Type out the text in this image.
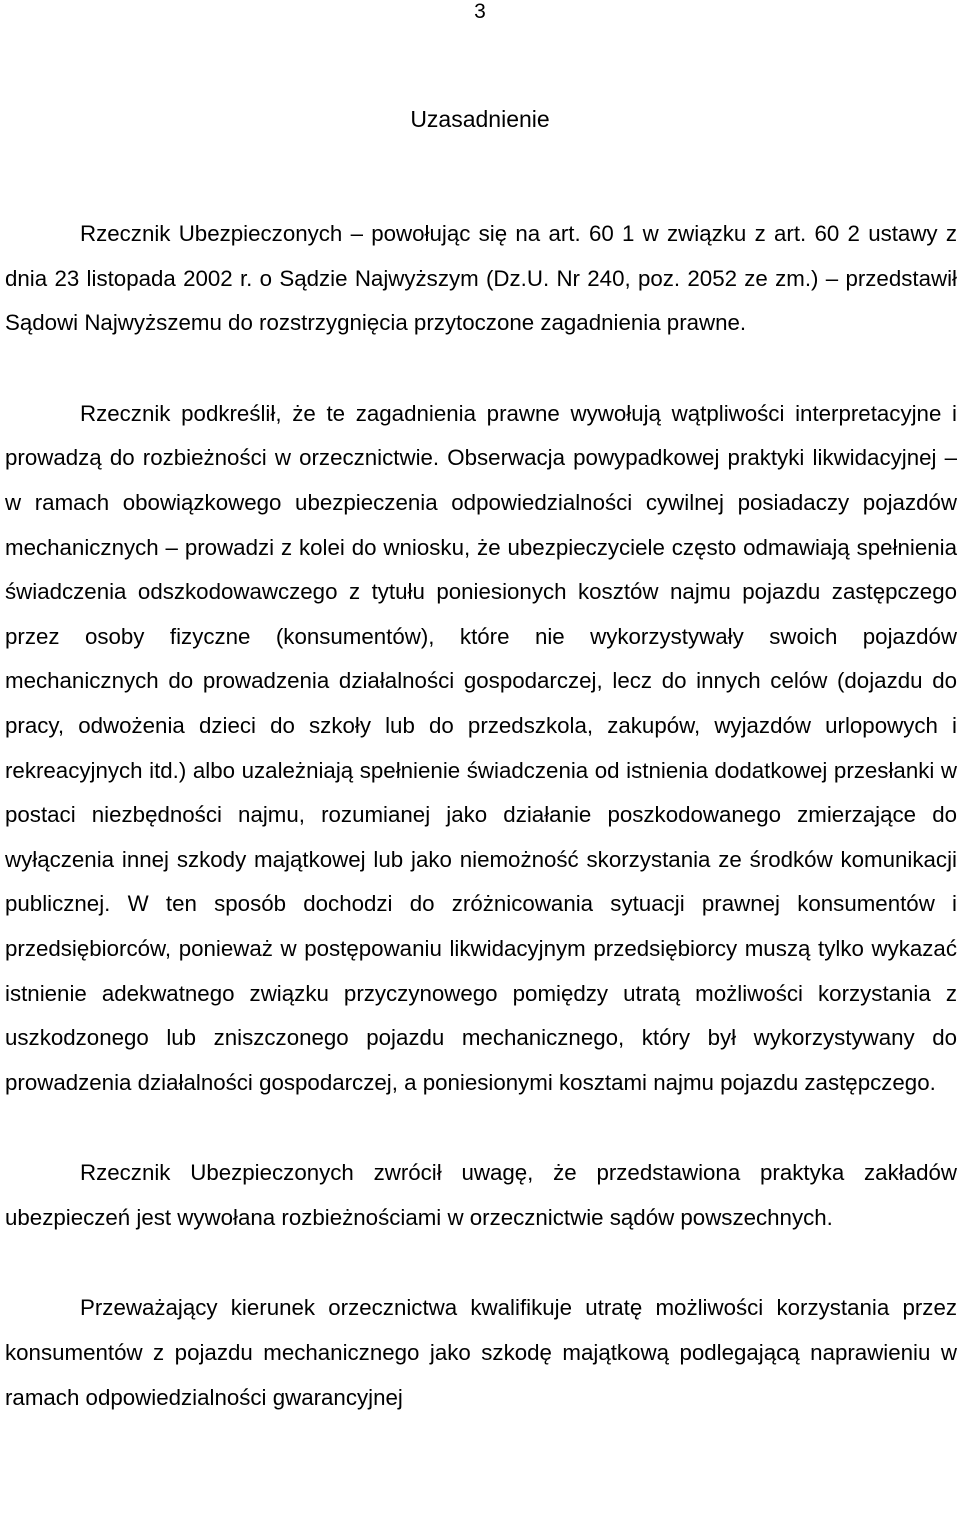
3
Uzasadnienie

Rzecznik Ubezpieczonych – powołując się na art. 60 1 w związku z art. 60 2 ustawy z dnia 23 listopada 2002 r. o Sądzie Najwyższym (Dz.U. Nr 240, poz. 2052 ze zm.) – przedstawił Sądowi Najwyższemu do rozstrzygnięcia przytoczone zagadnienia prawne.

Rzecznik podkreślił, że te zagadnienia prawne wywołują wątpliwości interpretacyjne i prowadzą do rozbieżności w orzecznictwie. Obserwacja powypadkowej praktyki likwidacyjnej – w ramach obowiązkowego ubezpieczenia odpowiedzialności cywilnej posiadaczy pojazdów mechanicznych – prowadzi z kolei do wniosku, że ubezpieczyciele często odmawiają spełnienia świadczenia odszkodowawczego z tytułu poniesionych kosztów najmu pojazdu zastępczego przez osoby fizyczne (konsumentów), które nie wykorzystywały swoich pojazdów mechanicznych do prowadzenia działalności gospodarczej, lecz do innych celów (dojazdu do pracy, odwożenia dzieci do szkoły lub do przedszkola, zakupów, wyjazdów urlopowych i rekreacyjnych itd.) albo uzależniają spełnienie świadczenia od istnienia dodatkowej przesłanki w postaci niezbędności najmu, rozumianej jako działanie poszkodowanego zmierzające do wyłączenia innej szkody majątkowej lub jako niemożność skorzystania ze środków komunikacji publicznej. W ten sposób dochodzi do zróżnicowania sytuacji prawnej konsumentów i przedsiębiorców, ponieważ w postępowaniu likwidacyjnym przedsiębiorcy muszą tylko wykazać istnienie adekwatnego związku przyczynowego pomiędzy utratą możliwości korzystania z uszkodzonego lub zniszczonego pojazdu mechanicznego, który był wykorzystywany do prowadzenia działalności gospodarczej, a poniesionymi kosztami najmu pojazdu zastępczego.

Rzecznik Ubezpieczonych zwrócił uwagę, że przedstawiona praktyka zakładów ubezpieczeń jest wywołana rozbieżnościami w orzecznictwie sądów powszechnych.

Przeważający kierunek orzecznictwa kwalifikuje utratę możliwości korzystania przez konsumentów z pojazdu mechanicznego jako szkodę majątkową podlegającą naprawieniu w ramach odpowiedzialności gwarancyjnej
